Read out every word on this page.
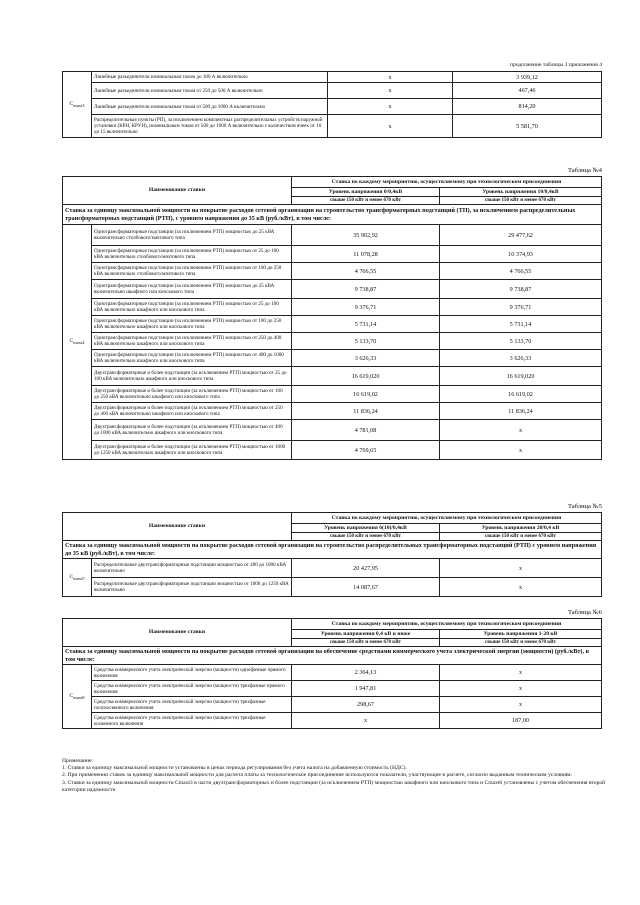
продолжение таблицы 3 приложения 4
$C_{maxt3}$	Линейные разъединители номинальным током до 100 А включительно	х	3 939,12
	Линейные разъединители номинальным током от 250 до 500 А включительно	х	467,46
	Линейные разъединители номинальным током от 500 до 1000 А включительно	х	814,20
	Распределительные пункты (РП), за исключением комплектных распределительных устройств наружной установки (КРН, КРУН), номинальным током от 500 до 1000 А включительно с количеством ячеек от 10 до 15 включительно	х	5 581,70
Таблица №4
Наименование ставки		Ставка по каждому мероприятию, осуществляемому при технологическом присоединении	
		Уровень напряжения 0/0,4кВ	Уровень напряжения 10/0,4кВ
		свыше 150 кВт и менее 670 кВт	свыше 150 кВт и менее 670 кВт
Ставка за единицу максимальной мощности на покрытие расходов сетевой организации на строительство трансформаторных подстанций (ТП), за исключением распределительных трансформаторных подстанций (РТП), с уровнем напряжения до 35 кВ (руб./кВт), в том числе:			
$C_{maxt4}$	Однотрансформаторные подстанции (за исключением РТП) мощностью до 25 кВА включительно столбового/мачтового типа	35 902,92	29 477,62
	Однотрансформаторные подстанции (за исключением РТП) мощностью от 25 до 100 кВА включительно столбового/мачтового типа	11 078,28	10 374,93
	Однотрансформаторные подстанции (за исключением РТП) мощностью от 100 до 250 кВА включительно столбового/мачтового типа	4 766,55	4 766,55
	Однотрансформаторные подстанции (за исключением РТП) мощностью до 25 кВА включительно шкафного или киоскового типа	9 738,87	9 738,87
	Однотрансформаторные подстанции (за исключением РТП) мощностью от 25 до 100 кВА включительно шкафного или киоскового типа	9 376,71	9 376,71
	Однотрансформаторные подстанции (за исключением РТП) мощностью от 100 до 250 кВА включительно шкафного или киоскового типа	5 731,14	5 731,14
	Однотрансформаторные подстанции (за исключением РТП) мощностью от 250 до 400 кВА включительно шкафного или киоскового типа	5 133,70	5 133,70
	Однотрансформаторные подстанции (за исключением РТП) мощностью от 400 до 1000 кВА включительно шкафного или киоскового типа	3 626,33	3 626,33
	Двухтрансформаторные и более подстанции (за исключением РТП) мощностью от 25 до 100 кВА включительно шкафного или киоскового типа	16 619,020	16 619,020
	Двухтрансформаторные и более подстанции (за исключением РТП) мощностью от 100 до 250 кВА включительно шкафного или киоскового типа	16 619,02	16 619,02
	Двухтрансформаторные и более подстанции (за исключением РТП) мощностью от 250 до 400 кВА включительно шкафного или киоскового типа	11 836,24	11 836,24
	Двухтрансформаторные и более подстанции (за исключением РТП) мощностью от 400 до 1000 кВА включительно шкафного или киоскового типа	4 781,08	х
	Двухтрансформаторные и более подстанции (за исключением РТП) мощностью от 1000 до 1250 кВА включительно шкафного или киоскового типа	4 769,65	х
Таблица №5
Наименование ставки		Ставка по каждому мероприятию, осуществляемому при технологическом присоединении	
		Уровень напряжения 6(10)/0,4кВ	Уровень напряжения 20/0,4 кВ
		свыше 150 кВт и менее 670 кВт	свыше 150 кВт и менее 670 кВт
Ставка за единицу максимальной мощности на покрытие расходов сетевой организации на строительство распределительных трансформаторных подстанций (РТП) с уровнем напряжения до 35 кВ (руб./кВт), в том числе:			
$C_{maxt5}$	Распределительные двухтрансформаторные подстанции мощностью от 400 до 1000 кВА включительно	20 427,95	х
	Распределительные двухтрансформаторные подстанции мощностью от 1000 до 1250 кВА включительно	14 087,67	х
Таблица №6
Наименование ставки		Ставка по каждому мероприятию, осуществляемому при технологическом присоединении	
		Уровень напряжения 0,4 кВ и ниже	Уровень напряжения 1-20 кВ
		свыше 150 кВт и менее 670 кВт	свыше 150 кВт и менее 670 кВт
Ставка за единицу максимальной мощности на покрытие расходов сетевой организации на обеспечение средствами коммерческого учета электрической энергии (мощности) (руб./кВт), в том числе:			
$C_{maxt8}$	Средства коммерческого учета электрической энергии (мощности) однофазные прямого включения	2 364,13	х
	Средства коммерческого учета электрической энергии (мощности) трехфазные прямого включения	1 947,81	х
	Средства коммерческого учета электрической энергии (мощности) трехфазные полукосвенного включения	298,67	х
	Средства коммерческого учета электрической энергии (мощности) трехфазные косвенного включения	х	187,00
Примечание:
1. Ставки за единицу максимальной мощности установлены в ценах периода регулирования без учета налога на добавленную стоимость (НДС).
2. При применении ставок за единицу максимальной мощности для расчета платы за технологическое присоединение используются показатели, участвующие в расчете, согласно выданным техническим условиям.
3. Ставки за единицу максимальной мощности Cmaxt3 в части двухтрансформаторных и более подстанции (за исключением РТП) мощностью шкафного или киоскового типа и Cmaxt6 установлены с учетом обеспечения второй категории надежности
